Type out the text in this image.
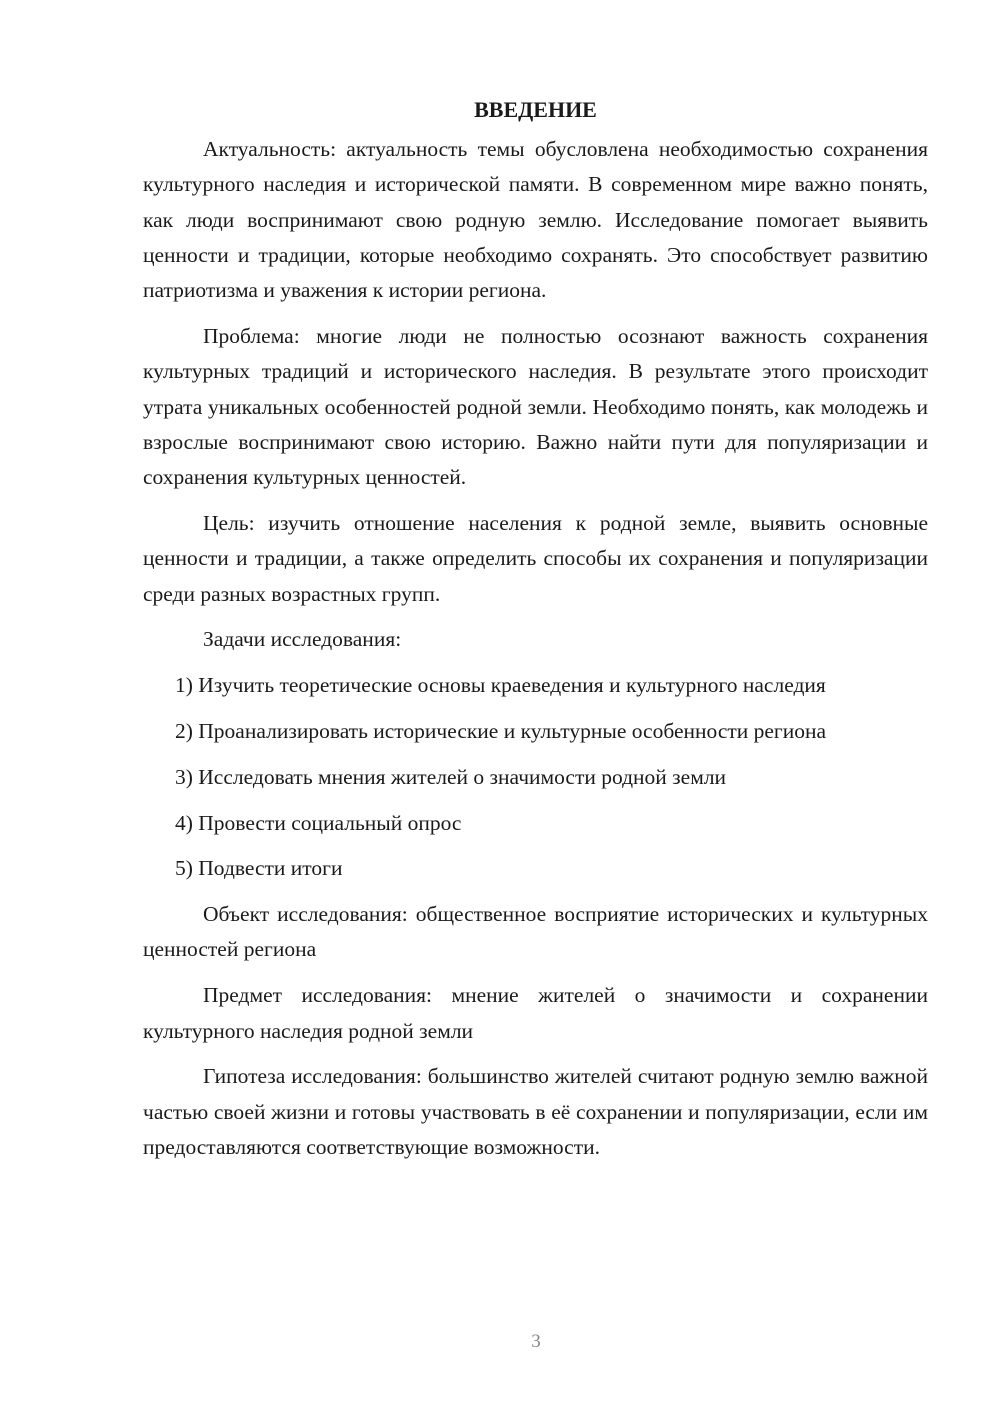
ВВЕДЕНИЕ

Актуальность: актуальность темы обусловлена необходимостью сохранения культурного наследия и исторической памяти. В современном мире важно понять, как люди воспринимают свою родную землю. Исследование помогает выявить ценности и традиции, которые необходимо сохранять. Это способствует развитию патриотизма и уважения к истории региона.

Проблема: многие люди не полностью осознают важность сохранения культурных традиций и исторического наследия. В результате этого происходит утрата уникальных особенностей родной земли. Необходимо понять, как молодежь и взрослые воспринимают свою историю. Важно найти пути для популяризации и сохранения культурных ценностей.

Цель: изучить отношение населения к родной земле, выявить основные ценности и традиции, а также определить способы их сохранения и популяризации среди разных возрастных групп.

Задачи исследования:

1) Изучить теоретические основы краеведения и культурного наследия

2) Проанализировать исторические и культурные особенности региона

3) Исследовать мнения жителей о значимости родной земли

4) Провести социальный опрос

5) Подвести итоги

Объект исследования: общественное восприятие исторических и культурных ценностей региона

Предмет исследования: мнение жителей о значимости и сохранении культурного наследия родной земли

Гипотеза исследования: большинство жителей считают родную землю важной частью своей жизни и готовы участвовать в её сохранении и популяризации, если им предоставляются соответствующие возможности.

3
